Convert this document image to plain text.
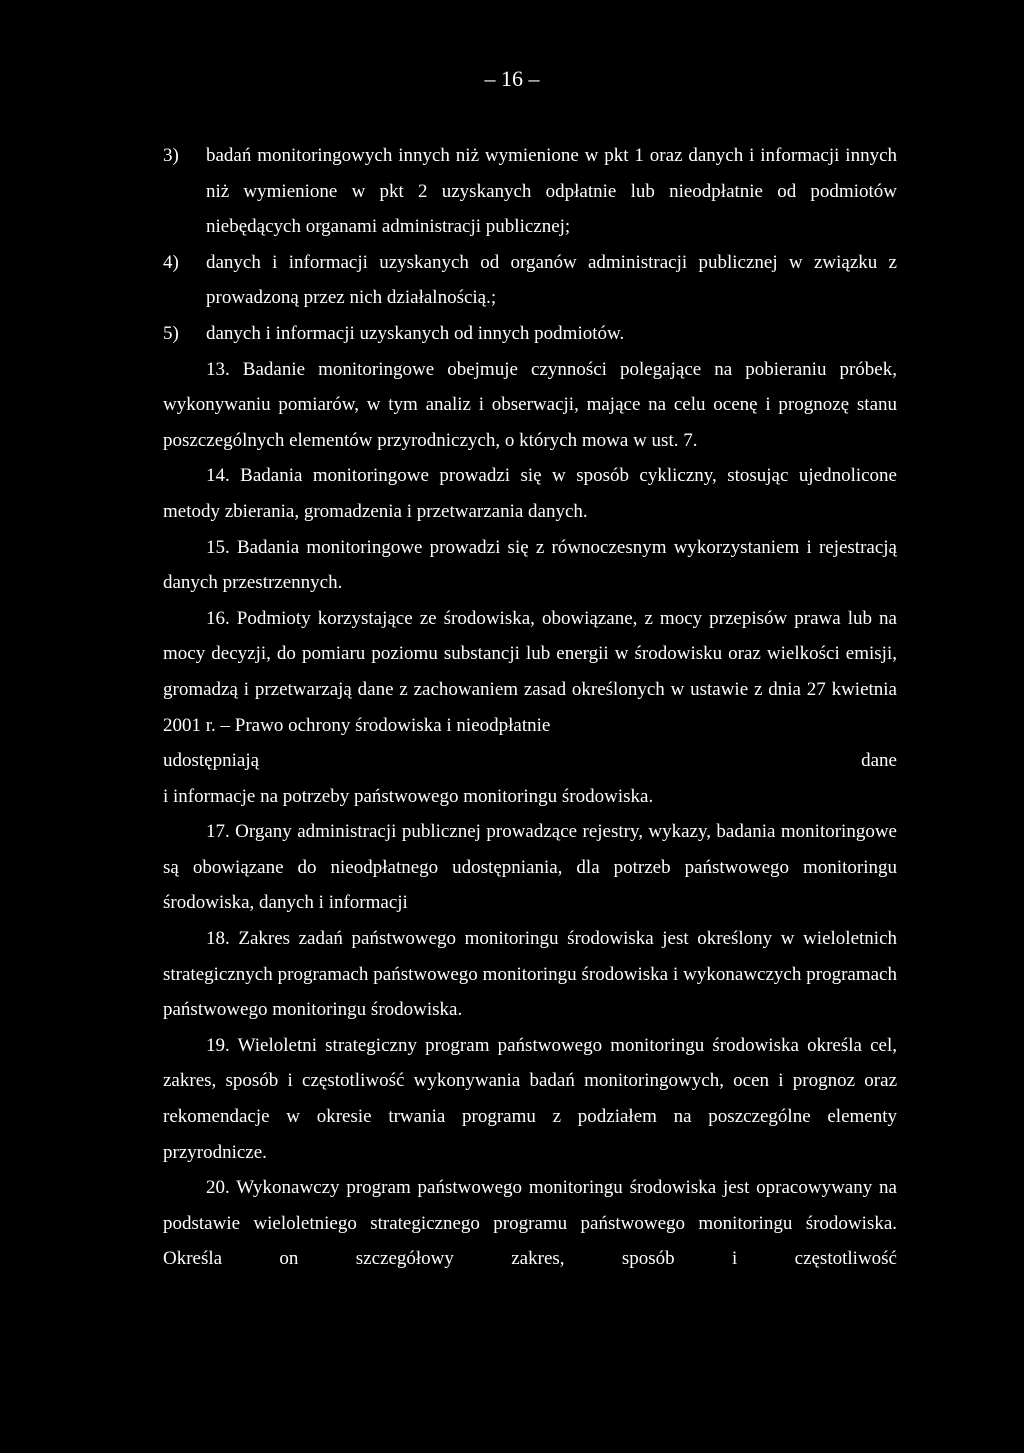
– 16 –
3) badań monitoringowych innych niż wymienione w pkt 1 oraz danych i informacji innych niż wymienione w pkt 2 uzyskanych odpłatnie lub nieodpłatnie od podmiotów niebędących organami administracji publicznej;
4) danych i informacji uzyskanych od organów administracji publicznej w związku z prowadzoną przez nich działalnością.;
5) danych i informacji uzyskanych od innych podmiotów.
13. Badanie monitoringowe obejmuje czynności polegające na pobieraniu próbek, wykonywaniu pomiarów, w tym analiz i obserwacji, mające na celu ocenę i prognozę stanu poszczególnych elementów przyrodniczych, o których mowa w ust. 7.
14. Badania monitoringowe prowadzi się w sposób cykliczny, stosując ujednolicone metody zbierania, gromadzenia i przetwarzania danych.
15. Badania monitoringowe prowadzi się z równoczesnym wykorzystaniem i rejestracją danych przestrzennych.
16. Podmioty korzystające ze środowiska, obowiązane, z mocy przepisów prawa lub na mocy decyzji, do pomiaru poziomu substancji lub energii w środowisku oraz wielkości emisji, gromadzą i przetwarzają dane z zachowaniem zasad określonych w ustawie z dnia 27 kwietnia 2001 r. – Prawo ochrony środowiska i nieodpłatnie
udostępniają	dane
i informacje na potrzeby państwowego monitoringu środowiska.
17. Organy administracji publicznej prowadzące rejestry, wykazy, badania monitoringowe są obowiązane do nieodpłatnego udostępniania, dla potrzeb państwowego monitoringu środowiska, danych i informacji
18. Zakres zadań państwowego monitoringu środowiska jest określony w wieloletnich strategicznych programach państwowego monitoringu środowiska i wykonawczych programach państwowego monitoringu środowiska.
19. Wieloletni strategiczny program państwowego monitoringu środowiska określa cel, zakres, sposób i częstotliwość wykonywania badań monitoringowych, ocen i prognoz oraz rekomendacje w okresie trwania programu z podziałem na poszczególne elementy przyrodnicze.
20. Wykonawczy program państwowego monitoringu środowiska jest opracowywany na podstawie wieloletniego strategicznego programu państwowego monitoringu środowiska. Określa on szczegółowy zakres, sposób i częstotliwość
